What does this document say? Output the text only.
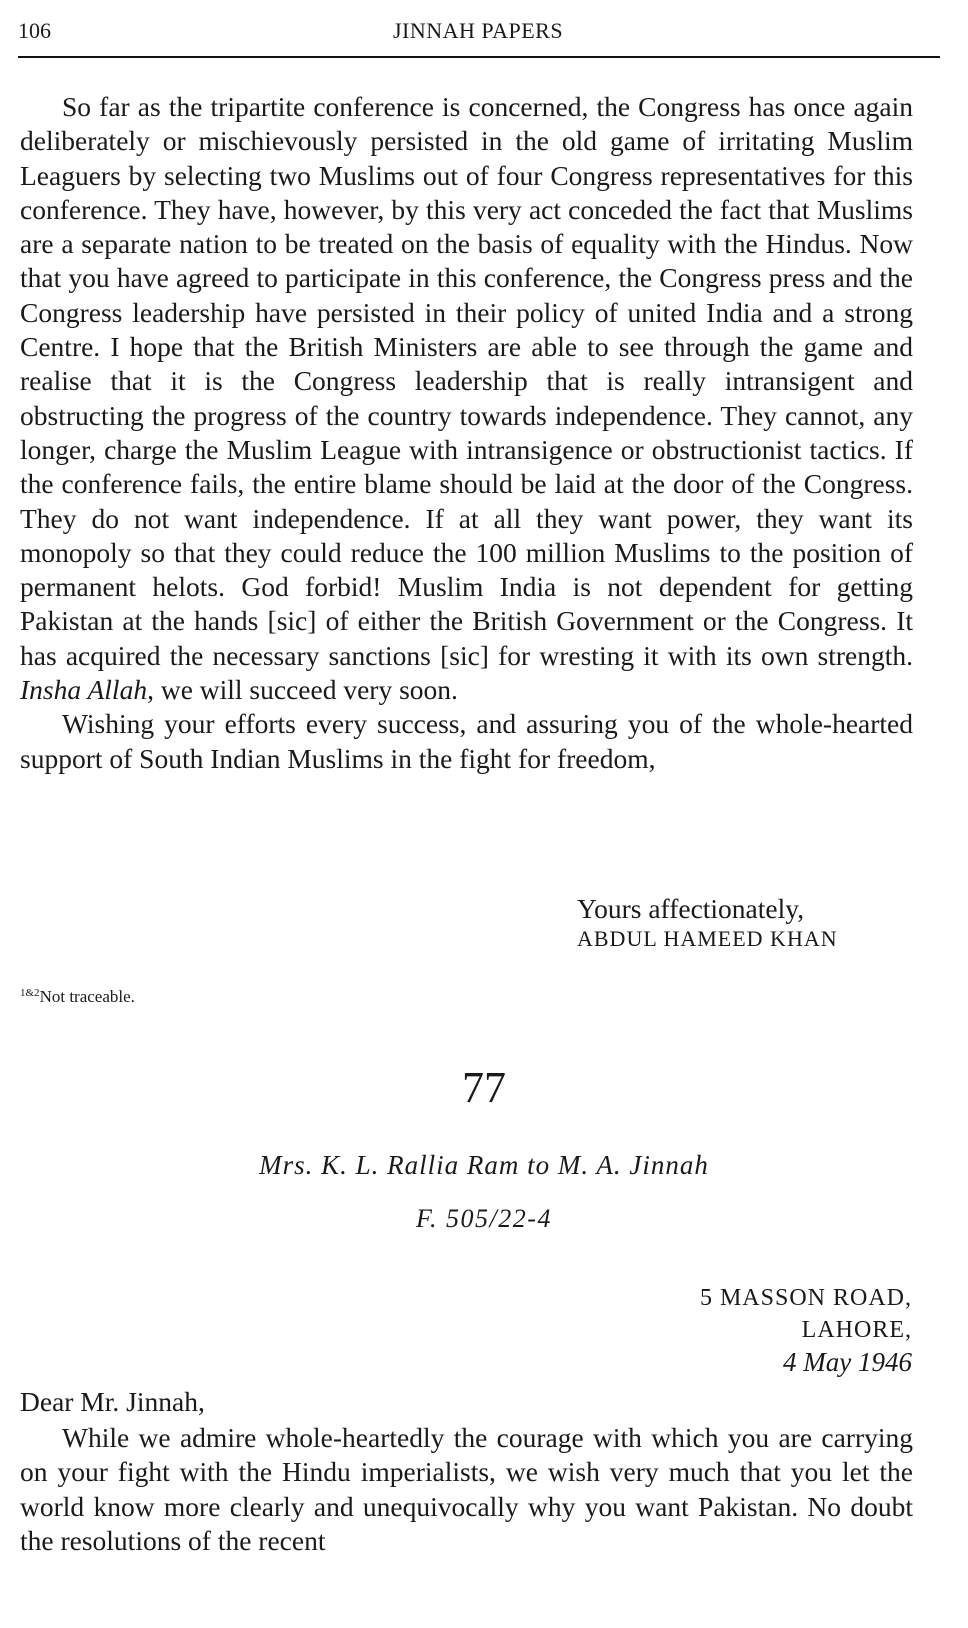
106	JINNAH PAPERS

So far as the tripartite conference is concerned, the Congress has once again deliberately or mischievously persisted in the old game of irritating Muslim Leaguers by selecting two Muslims out of four Congress representatives for this conference. They have, however, by this very act conceded the fact that Muslims are a separate nation to be treated on the basis of equality with the Hindus. Now that you have agreed to participate in this conference, the Congress press and the Congress leadership have persisted in their policy of united India and a strong Centre. I hope that the British Ministers are able to see through the game and realise that it is the Congress leadership that is really intransigent and obstructing the progress of the country towards independence. They cannot, any longer, charge the Muslim League with intransigence or obstructionist tactics. If the conference fails, the entire blame should be laid at the door of the Congress. They do not want independence. If at all they want power, they want its monopoly so that they could reduce the 100 million Muslims to the position of permanent helots. God forbid! Muslim India is not dependent for getting Pakistan at the hands [sic] of either the British Government or the Congress. It has acquired the necessary sanctions [sic] for wresting it with its own strength. Insha Allah, we will succeed very soon.

Wishing your efforts every success, and assuring you of the whole-hearted support of South Indian Muslims in the fight for freedom,

Yours affectionately,
ABDUL HAMEED KHAN
$^{1\&2}$Not traceable.
77
Mrs. K. L. Rallia Ram to M. A. Jinnah
F. 505/22-4
5 MASSON ROAD,
LAHORE,
4 May 1946
Dear Mr. Jinnah,

While we admire whole-heartedly the courage with which you are carrying on your fight with the Hindu imperialists, we wish very much that you let the world know more clearly and unequivocally why you want Pakistan. No doubt the resolutions of the recent
